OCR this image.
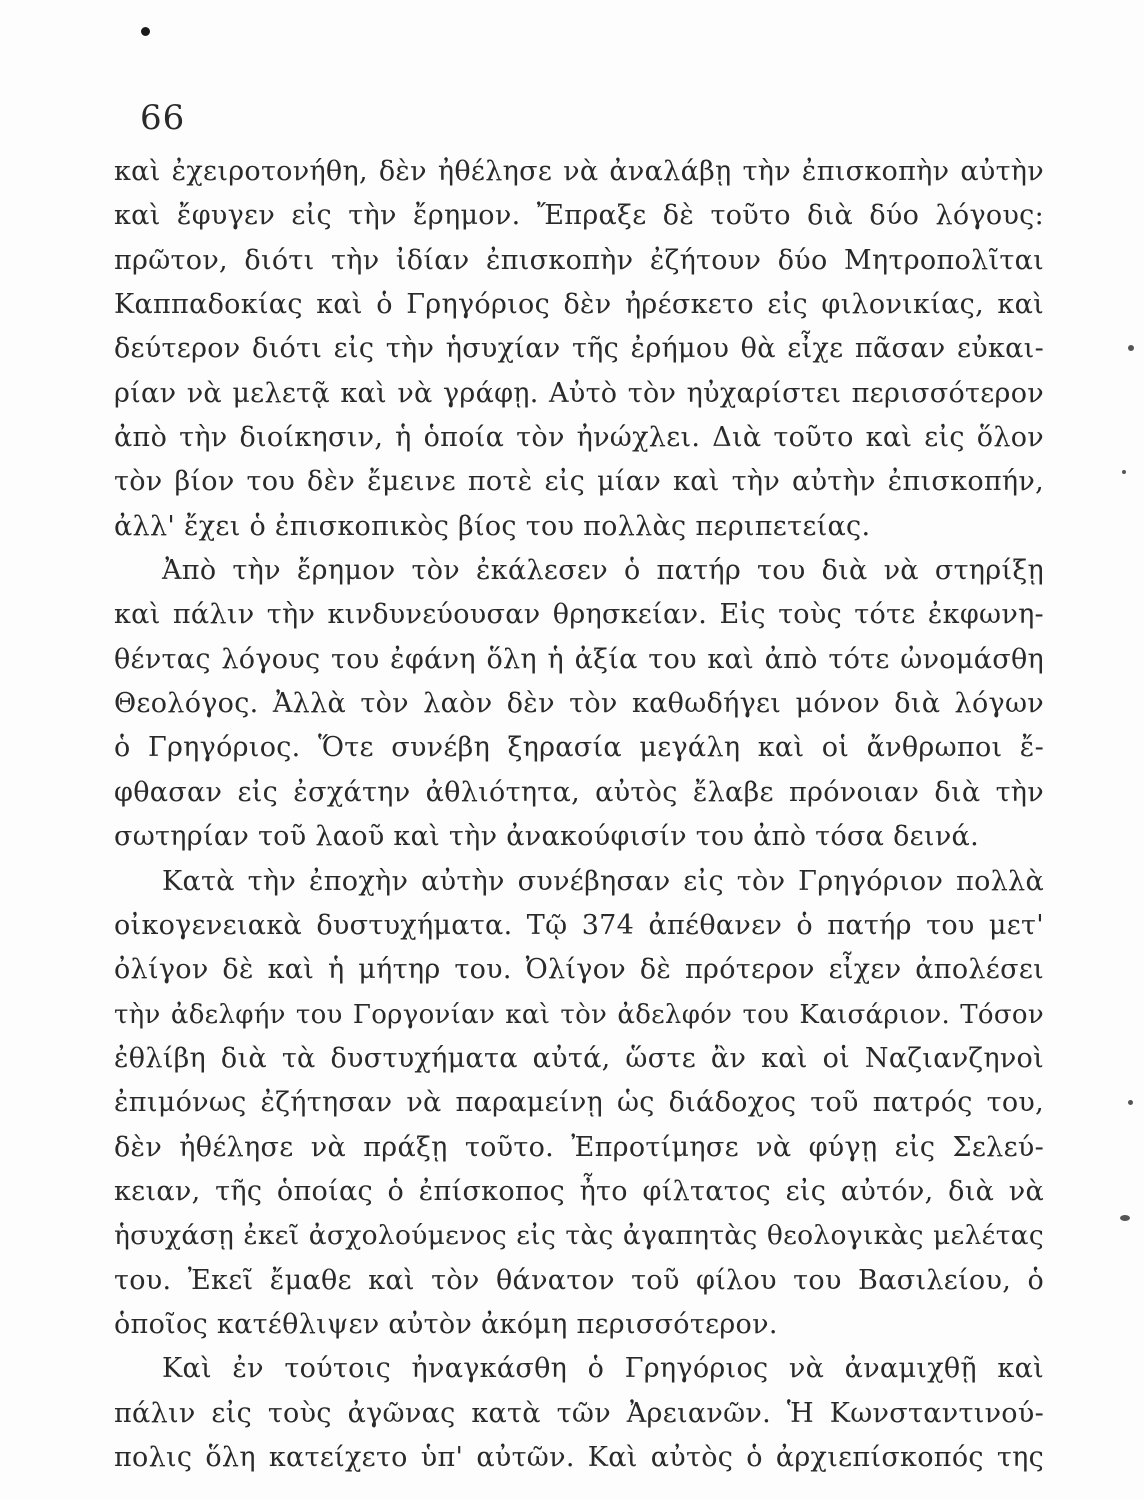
66
καὶ ἐχειροτονήθη, δὲν ἠθέλησε νὰ ἀναλάβῃ τὴν ἐπισκοπὴν αὐτὴν
καὶ ἔφυγεν εἰς τὴν ἔρημον. Ἔπραξε δὲ τοῦτο διὰ δύο λόγους:
πρῶτον, διότι τὴν ἰδίαν ἐπισκοπὴν ἐζήτουν δύο Μητροπολῖται
Καππαδοκίας καὶ ὁ Γρηγόριος δὲν ἠρέσκετο εἰς φιλονικίας, καὶ
δεύτερον διότι εἰς τὴν ἡσυχίαν τῆς ἐρήμου θὰ εἶχε πᾶσαν εὐκαι-
ρίαν νὰ μελετᾷ καὶ νὰ γράφῃ. Αὐτὸ τὸν ηὐχαρίστει περισσότερον
ἀπὸ τὴν διοίκησιν, ἡ ὁποία τὸν ἠνώχλει. Διὰ τοῦτο καὶ εἰς ὅλον
τὸν βίον του δὲν ἔμεινε ποτὲ εἰς μίαν καὶ τὴν αὐτὴν ἐπισκοπήν,
ἀλλ' ἔχει ὁ ἐπισκοπικὸς βίος του πολλὰς περιπετείας.
Ἀπὸ τὴν ἔρημον τὸν ἐκάλεσεν ὁ πατήρ του διὰ νὰ στηρίξῃ
καὶ πάλιν τὴν κινδυνεύουσαν θρησκείαν. Εἰς τοὺς τότε ἐκφωνη-
θέντας λόγους του ἐφάνη ὅλη ἡ ἀξία του καὶ ἀπὸ τότε ὠνομάσθη
Θεολόγος. Ἀλλὰ τὸν λαὸν δὲν τὸν καθωδήγει μόνον διὰ λόγων
ὁ Γρηγόριος. Ὅτε συνέβη ξηρασία μεγάλη καὶ οἱ ἄνθρωποι ἔ-
φθασαν εἰς ἐσχάτην ἀθλιότητα, αὐτὸς ἔλαβε πρόνοιαν διὰ τὴν
σωτηρίαν τοῦ λαοῦ καὶ τὴν ἀνακούφισίν του ἀπὸ τόσα δεινά.
Κατὰ τὴν ἐποχὴν αὐτὴν συνέβησαν εἰς τὸν Γρηγόριον πολλὰ
οἰκογενειακὰ δυστυχήματα. Τῷ 374 ἀπέθανεν ὁ πατήρ του μετ'
ὀλίγον δὲ καὶ ἡ μήτηρ του. Ὀλίγον δὲ πρότερον εἶχεν ἀπολέσει
τὴν ἀδελφήν του Γοργονίαν καὶ τὸν ἀδελφόν του Καισάριον. Τόσον
ἐθλίβη διὰ τὰ δυστυχήματα αὐτά, ὥστε ἂν καὶ οἱ Ναζιανζηνοὶ
ἐπιμόνως ἐζήτησαν νὰ παραμείνῃ ὡς διάδοχος τοῦ πατρός του,
δὲν ἠθέλησε νὰ πράξῃ τοῦτο. Ἐπροτίμησε νὰ φύγῃ εἰς Σελεύ-
κειαν, τῆς ὁποίας ὁ ἐπίσκοπος ἦτο φίλτατος εἰς αὐτόν, διὰ νὰ
ἡσυχάσῃ ἐκεῖ ἀσχολούμενος εἰς τὰς ἀγαπητὰς θεολογικὰς μελέτας
του. Ἐκεῖ ἔμαθε καὶ τὸν θάνατον τοῦ φίλου του Βασιλείου, ὁ
ὁποῖος κατέθλιψεν αὐτὸν ἀκόμη περισσότερον.
Καὶ ἐν τούτοις ἠναγκάσθη ὁ Γρηγόριος νὰ ἀναμιχθῇ καὶ
πάλιν εἰς τοὺς ἀγῶνας κατὰ τῶν Ἀρειανῶν. Ἡ Κωνσταντινού-
πολις ὅλη κατείχετο ὑπ' αὐτῶν. Καὶ αὐτὸς ὁ ἀρχιεπίσκοπός της
